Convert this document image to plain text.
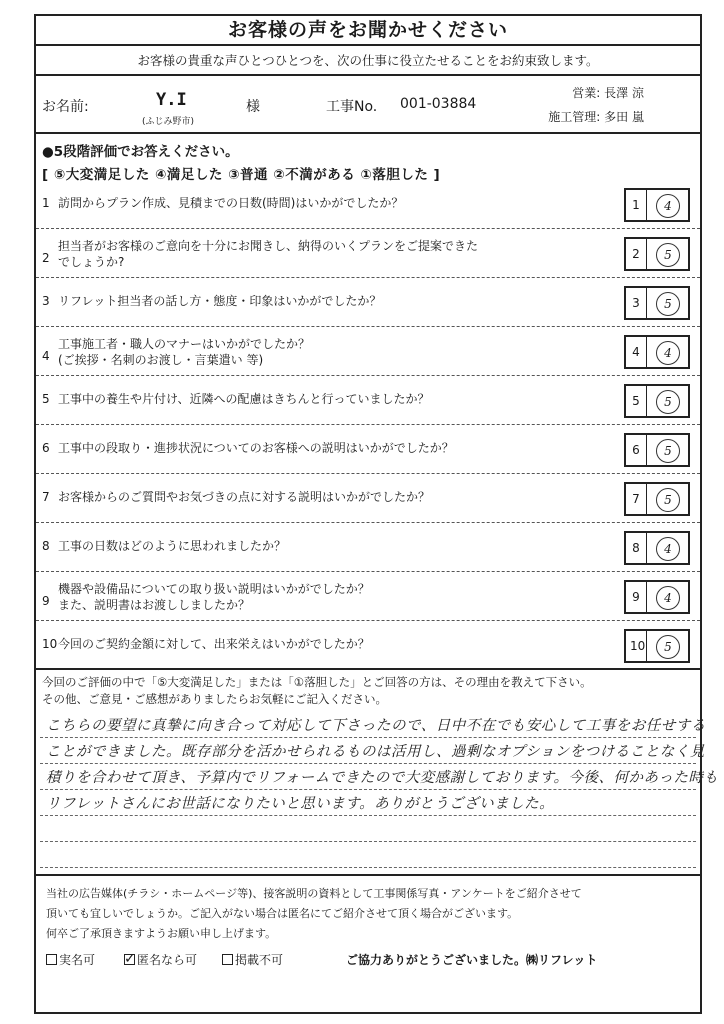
お客様の声をお聞かせください
お客様の貴重な声ひとつひとつを、次の仕事に役立たせることをお約束致します。
お名前:	Y.I
(ふじみ野市)
様	工事No. 001-03884
営業: 長澤 涼
施工管理: 多田 嵐
●5段階評価でお答えください。
[ ⑤大変満足した ④満足した ③普通 ②不満がある ①落胆した ]
1 訪問からプラン作成、見積までの日数(時間)はいかがでしたか？	1	4
2
担当者がお客様のご意向を十分にお聞きし、納得のいくプランをご提案できた
でしょうか?
2	5
3 リフレット担当者の話し方・態度・印象はいかがでしたか？	3	5
4
工事施工者・職人のマナーはいかがでしたか？
(ご挨拶・名刺のお渡し・言葉遣い 等)
4	4
5 工事中の養生や片付け、近隣への配慮はきちんと行っていましたか？	5	5
6 工事中の段取り・進捗状況についてのお客様への説明はいかがでしたか？	6	5
7 お客様からのご質問やお気づきの点に対する説明はいかがでしたか？	7	5
8 工事の日数はどのように思われましたか？	8	4
9
機器や設備品についての取り扱い説明はいかがでしたか？
また、説明書はお渡ししましたか？
9	4
10 今回のご契約金額に対して、出来栄えはいかがでしたか？	10	5
今回のご評価の中で「⑤大変満足した」または「①落胆した」とご回答の方は、その理由を教えて下さい。
その他、ご意見・ご感想がありましたらお気軽にご記入ください。
こちらの要望に真摯に向き合って対応して下さったので、日中不在でも安心して工事をお任せする
ことができました。既存部分を活かせられるものは活用し、過剰なオプションをつけることなく見
積りを合わせて頂き、予算内でリフォームできたので大変感謝しております。今後、何かあった時も
リフレットさんにお世話になりたいと思います。ありがとうございました。
当社の広告媒体(チラシ・ホームページ等)、接客説明の資料として工事関係写真・アンケートをご紹介させて
頂いても宜しいでしょうか。ご記入がない場合は匿名にてご紹介させて頂く場合がございます。
何卒ご了承頂きますようお願い申し上げます。
実名可 ✓	匿名なら可	掲載不可	ご協力ありがとうございました。㈱リフレット
